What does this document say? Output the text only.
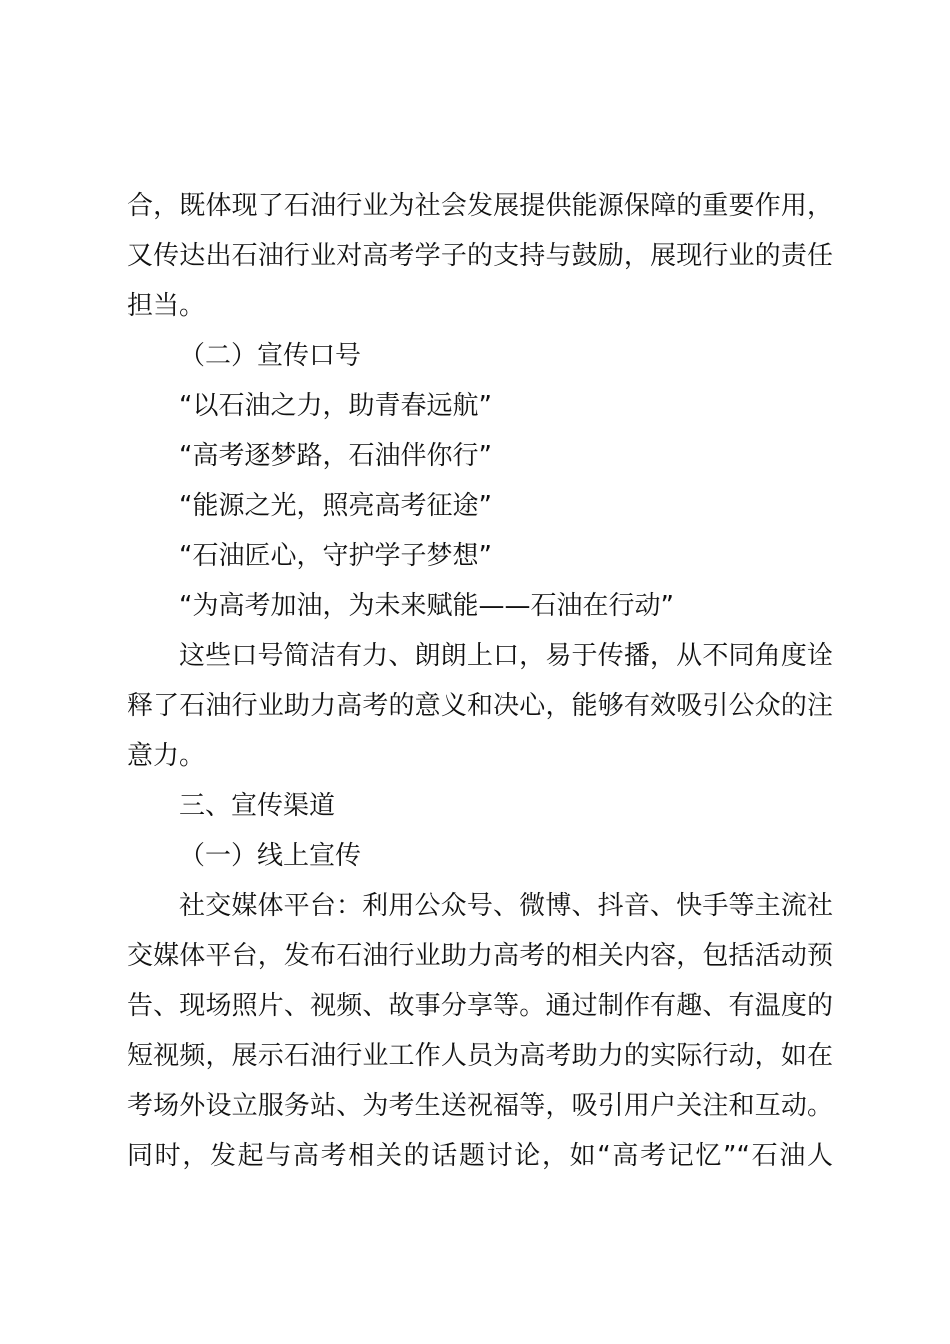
合，既体现了石油行业为社会发展提供能源保障的重要作用，
又传达出石油行业对高考学子的支持与鼓励，展现行业的责任
担当。
（二）宣传口号
“以石油之力，助青春远航”
“高考逐梦路，石油伴你行”
“能源之光，照亮高考征途”
“石油匠心，守护学子梦想”
“为高考加油，为未来赋能——石油在行动”
这些口号简洁有力、朗朗上口，易于传播，从不同角度诠
释了石油行业助力高考的意义和决心，能够有效吸引公众的注
意力。
三、宣传渠道
（一）线上宣传
社交媒体平台：利用公众号、微博、抖音、快手等主流社
交媒体平台，发布石油行业助力高考的相关内容，包括活动预
告、现场照片、视频、故事分享等。通过制作有趣、有温度的
短视频，展示石油行业工作人员为高考助力的实际行动，如在
考场外设立服务站、为考生送祝福等，吸引用户关注和互动。
同时，发起与高考相关的话题讨论，如“高考记忆”“石油人
